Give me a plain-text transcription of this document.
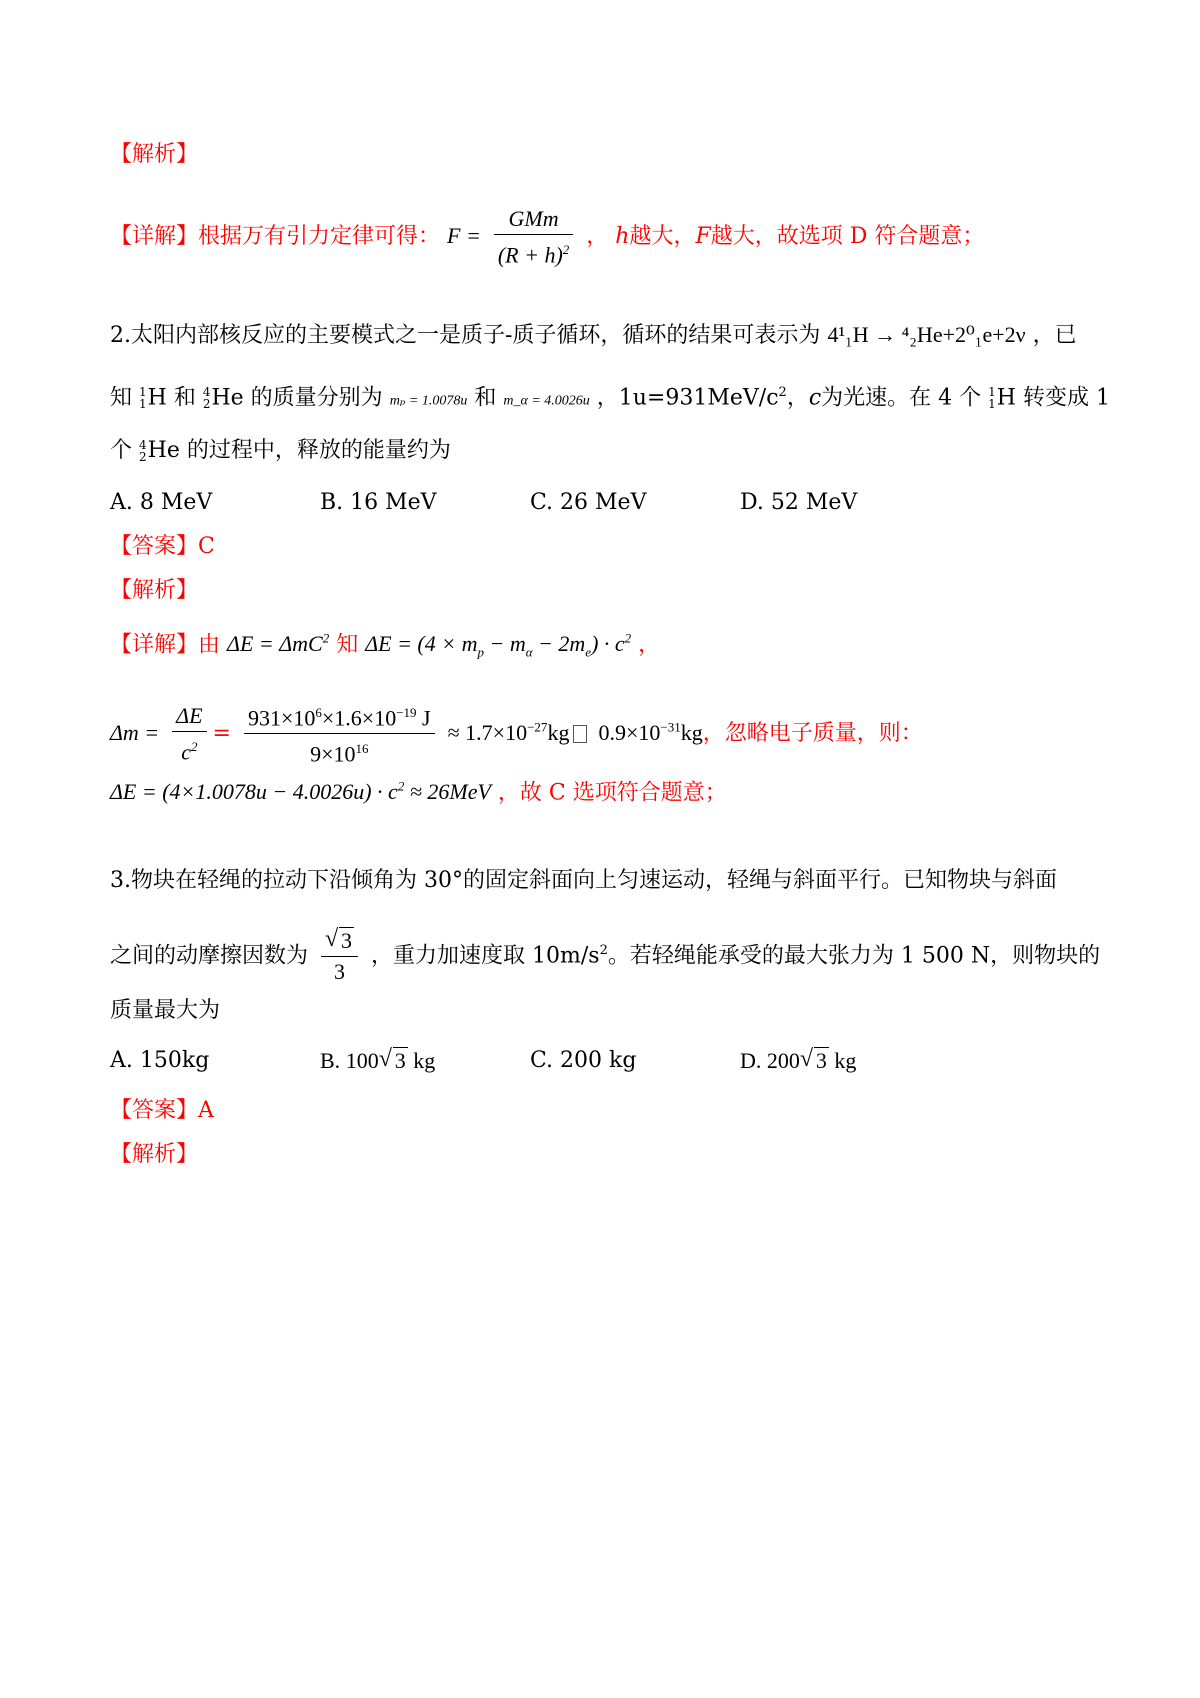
【解析】
【详解】根据万有引力定律可得： $F = \frac{\text{GMm}}{(R + h)^2}$ ， h越大，F越大，故选项 D 符合题意；
2.太阳内部核反应的主要模式之一是质子-质子循环，循环的结果可表示为 4¹₁H → ⁴₂He+2⁰₁e+2ν ，已
知 1
1 H 和 4
2 He 的质量分别为 mₚ = 1.0078u 和 m_α = 4.0026u ，$1u=931MeV/c^2$，c为光速。在 4 个 1
1 H 转变成 1
个 4
2 He 的过程中，释放的能量约为
A. 8 MeV	B. 16 MeV	C. 26 MeV	D. 52 MeV
【答案】C
【解析】
【详解】由 ΔE = ΔmC$^2$ 知 $\Delta E = (4 \times m_p - m_\alpha - 2m_e) \cdot c^2$ ，
$\Delta m = \frac{\Delta E}{c^2} = \frac{931\times 10^6\times 1.6\times 10^{-19} J}{9\times 10^{16}} \approx 1.7\times 10^{-27}kg$ $0.9\times 10^{-31}kg$，忽略电子质量，则：
$\Delta E = (4\times 1.0078u - 4.0026u) \cdot c^2 \approx 26MeV$ ，故 C 选项符合题意；
3.物块在轻绳的拉动下沿倾角为 30°的固定斜面向上匀速运动，轻绳与斜面平行。已知物块与斜面
之间的动摩擦因数为 √ $\frac{3}{3}$ ，重力加速度取 $10m/s^2$。若轻绳能承受的最大张力为 1 500 N，则物块的
质量最大为
A. 150kg	B. 100 √ 3 kg	C. 200 kg	D. 200 √ 3 kg
【答案】A
【解析】
